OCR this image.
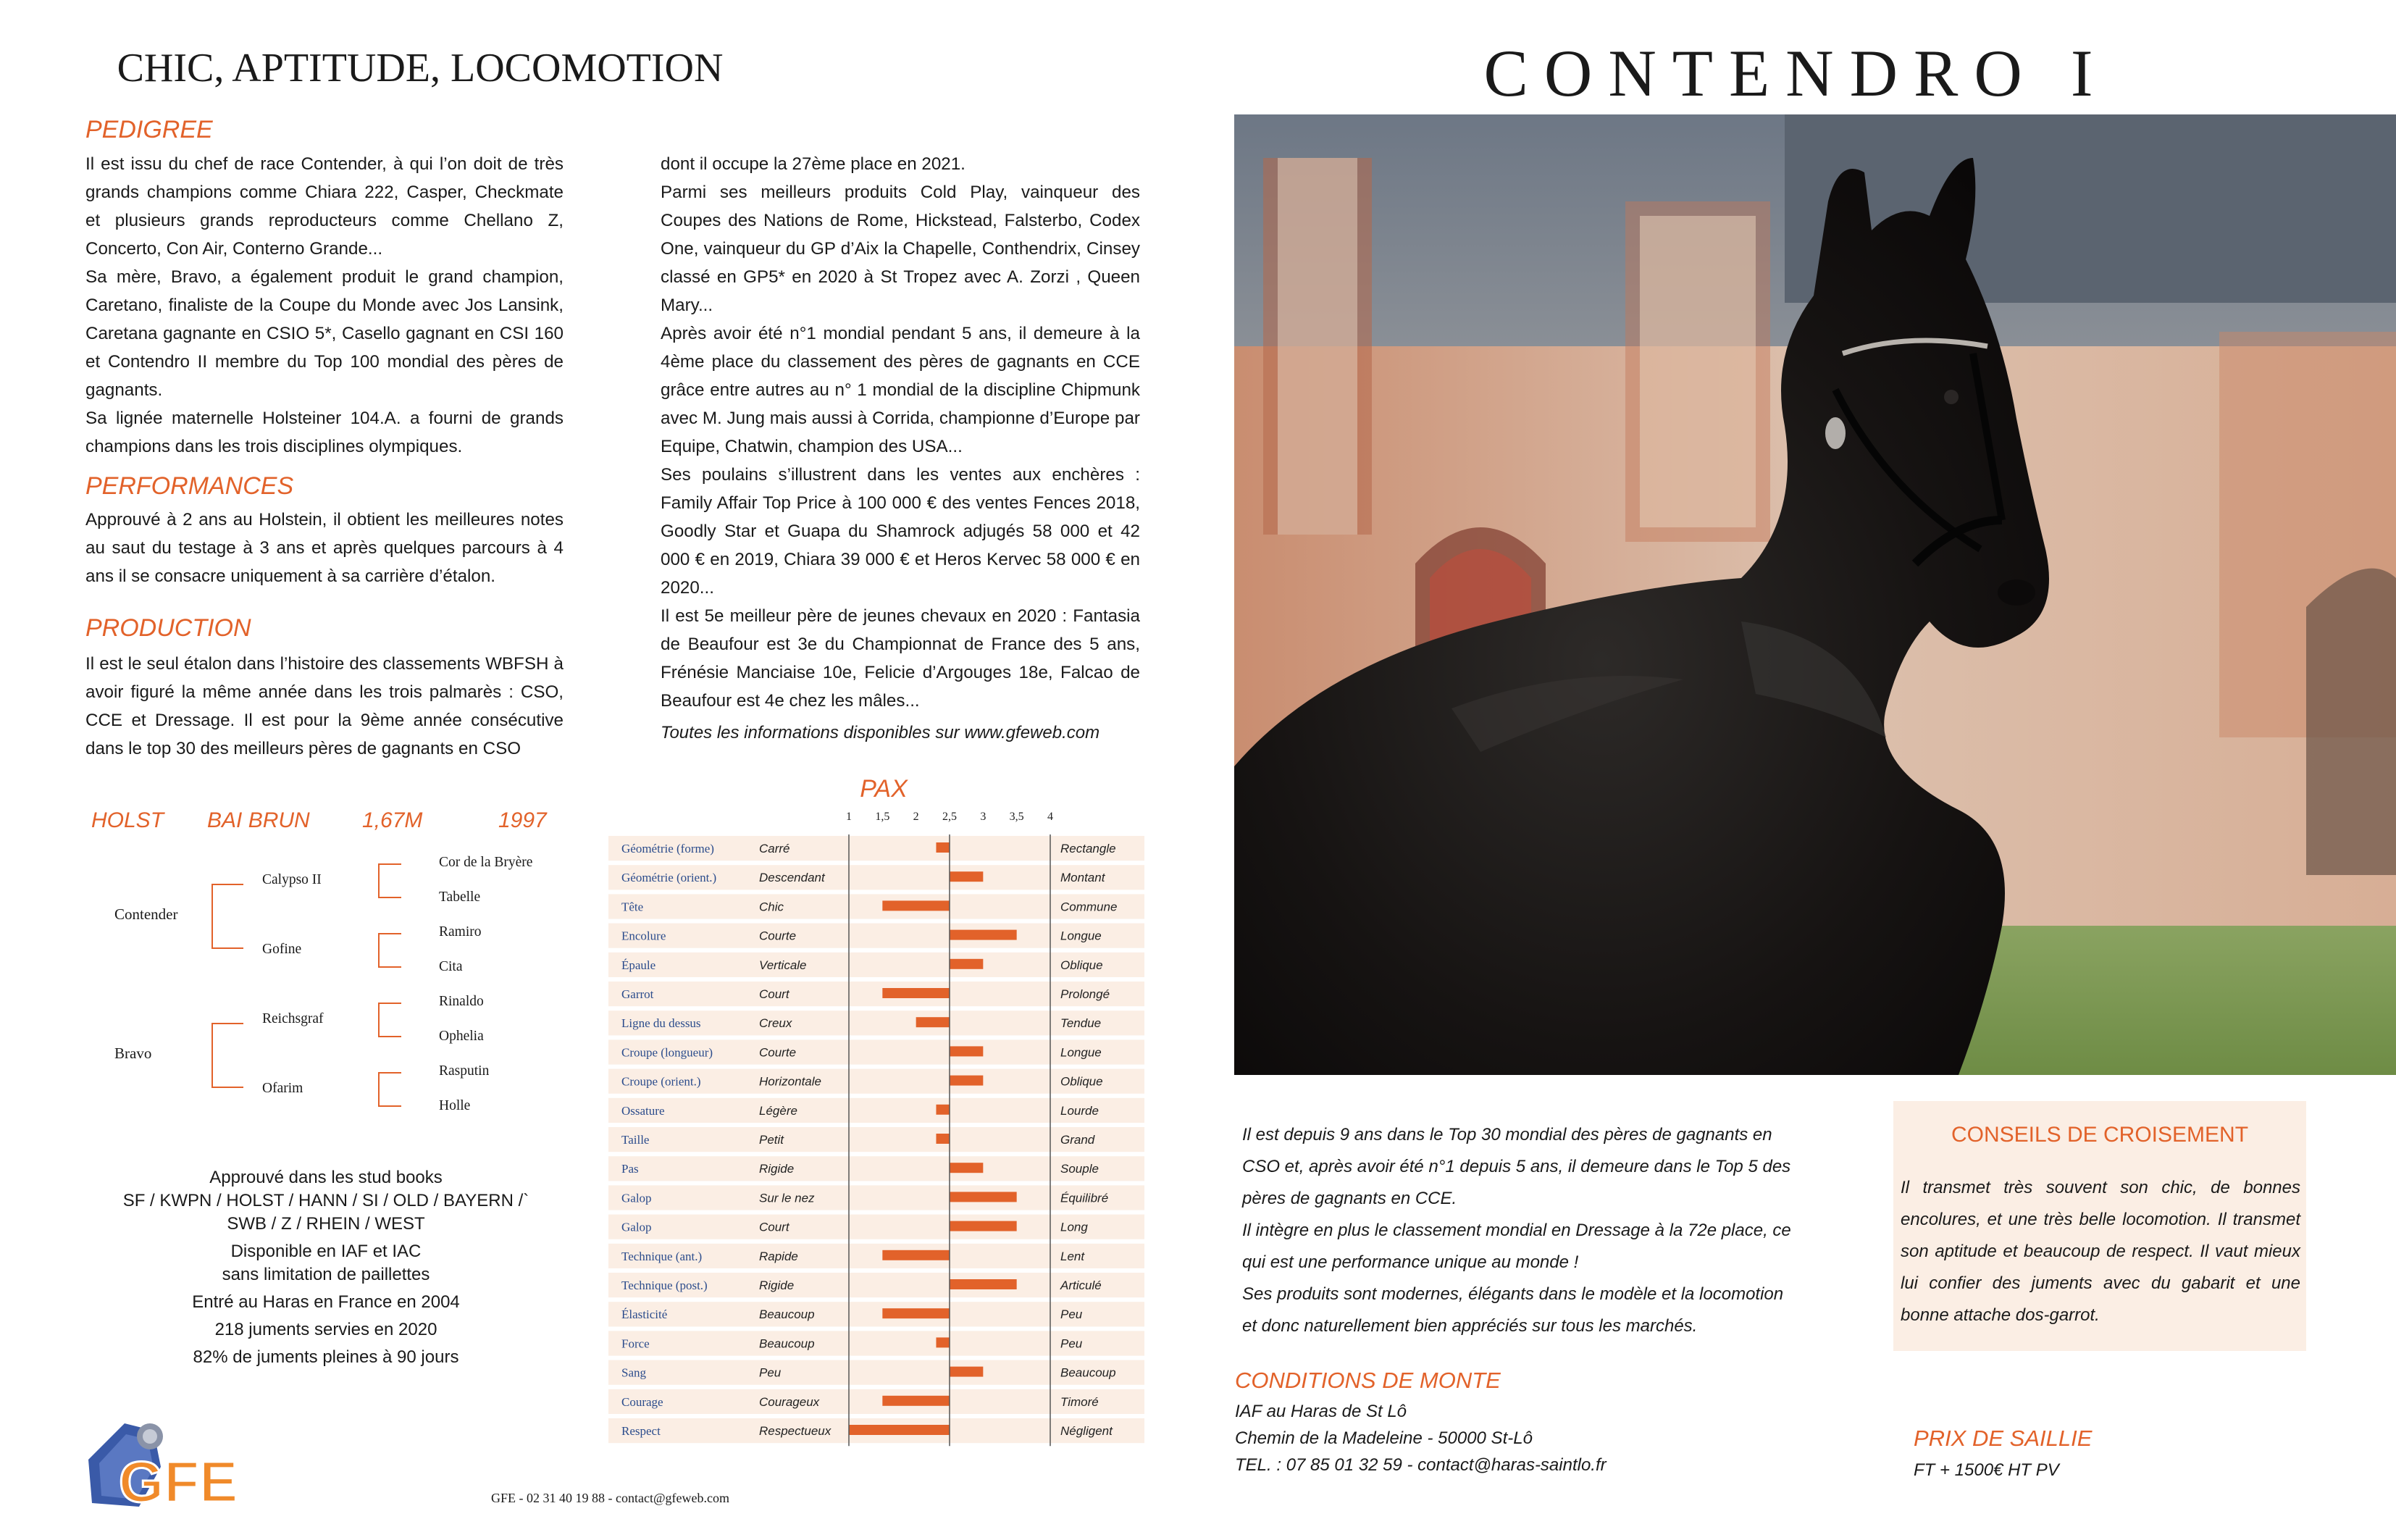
CHIC, APTITUDE, LOCOMOTION	CONTENDRO I
PEDIGREE

Il est issu du chef de race Contender, à qui l’on doit de très grands champions comme Chiara 222, Casper, Checkmate et plusieurs grands reproducteurs comme Chellano Z, Concerto, Con Air, Conterno Grande...

Sa mère, Bravo, a également produit le grand champion, Caretano, finaliste de la Coupe du Monde avec Jos Lansink, Caretana gagnante en CSIO 5*, Casello gagnant en CSI 160 et Contendro II membre du Top 100 mondial des pères de gagnants.

Sa lignée maternelle Holsteiner 104.A. a fourni de grands champions dans les trois disciplines olympiques.

PERFORMANCES

Approuvé à 2 ans au Holstein, il obtient les meilleures notes au saut du testage à 3 ans et après quelques parcours à 4 ans il se consacre uniquement à sa carrière d’étalon.

PRODUCTION

Il est le seul étalon dans l’histoire des classements WBFSH à avoir figuré la même année dans les trois palmarès : CSO, CCE et Dressage. Il est pour la 9ème année consécutive dans le top 30 des meilleurs pères de gagnants en CSO

dont il occupe la 27ème place en 2021.

Parmi ses meilleurs produits Cold Play, vainqueur des Coupes des Nations de Rome, Hickstead, Falsterbo, Codex One, vainqueur du GP d’Aix la Chapelle, Conthendrix, Cinsey classé en GP5* en 2020 à St Tropez avec A. Zorzi , Queen Mary...

Après avoir été n°1 mondial pendant 5 ans, il demeure à la 4ème place du classement des pères de gagnants en CCE grâce entre autres au n° 1 mondial de la discipline Chipmunk avec M. Jung mais aussi à Corrida, championne d’Europe par Equipe, Chatwin, champion des USA...

Ses poulains s’illustrent dans les ventes aux enchères : Family Affair Top Price à 100 000 € des ventes Fences 2018, Goodly Star et Guapa du Shamrock adjugés 58 000 et 42 000 € en 2019, Chiara 39 000 € et Heros Kervec 58 000 € en 2020...

Il est 5e meilleur père de jeunes chevaux en 2020 : Fantasia de Beaufour est 3e du Championnat de France des 5 ans, Frénésie Manciaise 10e, Felicie d’Argouges 18e, Falcao de Beaufour est 4e chez les mâles...

Toutes les informations disponibles sur www.gfeweb.com
HOLST BAI BRUN 1,67M	1997
Contender
Bravo
Calypso II
Gofine
Reichsgraf
Ofarim
Cor de la Bryère
Tabelle
Ramiro
Cita
Rinaldo
Ophelia
Rasputin
Holle

Approuvé dans les stud books
SF / KWPN / HOLST / HANN / SI / OLD / BAYERN /`
SWB / Z / RHEIN / WEST

Disponible en IAF et IAC
sans limitation de paillettes

Entré au Haras en France en 2004

218 juments servies en 2020

82% de juments pleines à 90 jours

PAX
1 1,5 2 2,5 3 3,5 4
Géométrie (forme)	Carré	Rectangle
Géométrie (orient.)	Descendant	Montant
Tête	Chic	Commune
Encolure	Courte	Longue
Épaule	Verticale	Oblique
Garrot	Court	Prolongé
Ligne du dessus	Creux	Tendue
Croupe (longueur)	Courte	Longue
Croupe (orient.)	Horizontale	Oblique
Ossature	Légère	Lourde
Taille	Petit	Grand
Pas	Rigide	Souple
Galop	Sur le nez	Équilibré
Galop	Court	Long
Technique (ant.)	Rapide	Lent
Technique (post.)	Rigide	Articulé
Élasticité	Beaucoup	Peu
Force	Beaucoup	Peu
Sang	Peu	Beaucoup
Courage	Courageux	Timoré
Respect	Respectueux	Négligent

Il est depuis 9 ans dans le Top 30 mondial des pères de gagnants en CSO et, après avoir été n°1 depuis 5 ans, il demeure dans le Top 5 des pères de gagnants en CCE.

Il intègre en plus le classement mondial en Dressage à la 72e place, ce qui est une performance unique au monde !

Ses produits sont modernes, élégants dans le modèle et la locomotion et donc naturellement bien appréciés sur tous les marchés.

CONSEILS DE CROISEMENT
Il transmet très souvent son chic, de bonnes encolures, et une très belle locomotion. Il transmet son aptitude et beaucoup de respect. Il vaut mieux lui confier des juments avec du gabarit et une bonne attache dos-garrot.
CONDITIONS DE MONTE

IAF au Haras de St Lô

Chemin de la Madeleine - 50000 St-Lô

TEL. : 07 85 01 32 59 - contact@haras-saintlo.fr

PRIX DE SAILLIE
FT + 1500€ HT PV
GFE	GFE - 02 31 40 19 88 - contact@gfeweb.com
